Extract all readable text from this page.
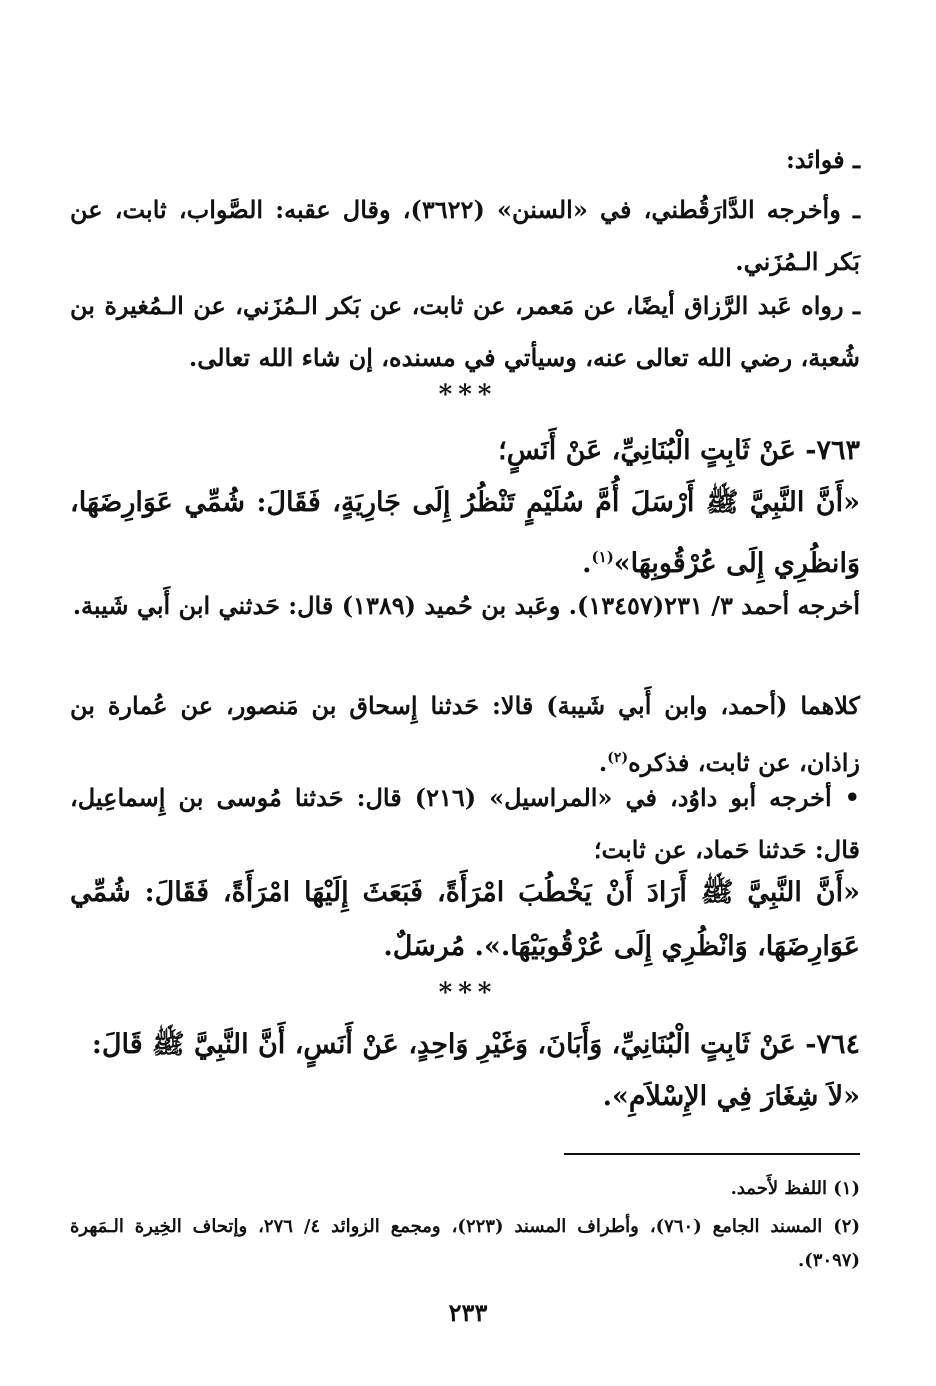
ـ فوائد:

ـ وأخرجه الدَّارَقُطني، في «السنن» (٣٦٢٢)، وقال عقبه: الصَّواب، ثابت، عن بَكر الـمُزَني.

ـ رواه عَبد الرَّزاق أيضًا، عن مَعمر، عن ثابت، عن بَكر الـمُزَني، عن الـمُغيرة بن شُعبة، رضي الله تعالى عنه، وسيأتي في مسنده، إن شاء الله تعالى.

***

٧٦٣- عَنْ ثَابِتٍ الْبُنَانِيِّ، عَنْ أَنَسٍ؛

«أَنَّ النَّبِيَّ ﷺ أَرْسَلَ أُمَّ سُلَيْمٍ تَنْظُرُ إِلَى جَارِيَةٍ، فَقَالَ: شُمِّي عَوَارِضَهَا، وَانظُرِي إِلَى عُرْقُوبِهَا»$^{(١)}$.

أخرجه أحمد ٣/ ٢٣١(١٣٤٥٧). وعَبد بن حُميد (١٣٨٩) قال: حَدثني ابن أَبي شَيبة.

كلاهما (أحمد، وابن أَبي شَيبة) قالا: حَدثنا إِسحاق بن مَنصور، عن عُمارة بن زاذان، عن ثابت، فذكره$^{(٢)}$.

• أخرجه أبو داوُد، في «المراسيل» (٢١٦) قال: حَدثنا مُوسى بن إِسماعِيل، قال: حَدثنا حَماد، عن ثابت؛

«أَنَّ النَّبِيَّ ﷺ أَرَادَ أَنْ يَخْطُبَ امْرَأَةً، فَبَعَثَ إِلَيْهَا امْرَأَةً، فَقَالَ: شُمِّي عَوَارِضَهَا، وَانْظُرِي إِلَى عُرْقُوبَيْهَا.». مُرسَلٌ.

***

٧٦٤- عَنْ ثَابِتٍ الْبُنَانِيِّ، وَأَبَانَ، وَغَيْرِ وَاحِدٍ، عَنْ أَنَسٍ، أَنَّ النَّبِيَّ ﷺ قَالَ:

«لاَ شِغَارَ فِي الإِسْلاَمِ».

(١) اللفظ لأَحمد.

(٢) المسند الجامع (٧٦٠)، وأطراف المسند (٢٢٣)، ومجمع الزوائد ٤/ ٢٧٦، وإتحاف الخِيرة الـمَهرة (٣٠٩٧).

٢٣٣
